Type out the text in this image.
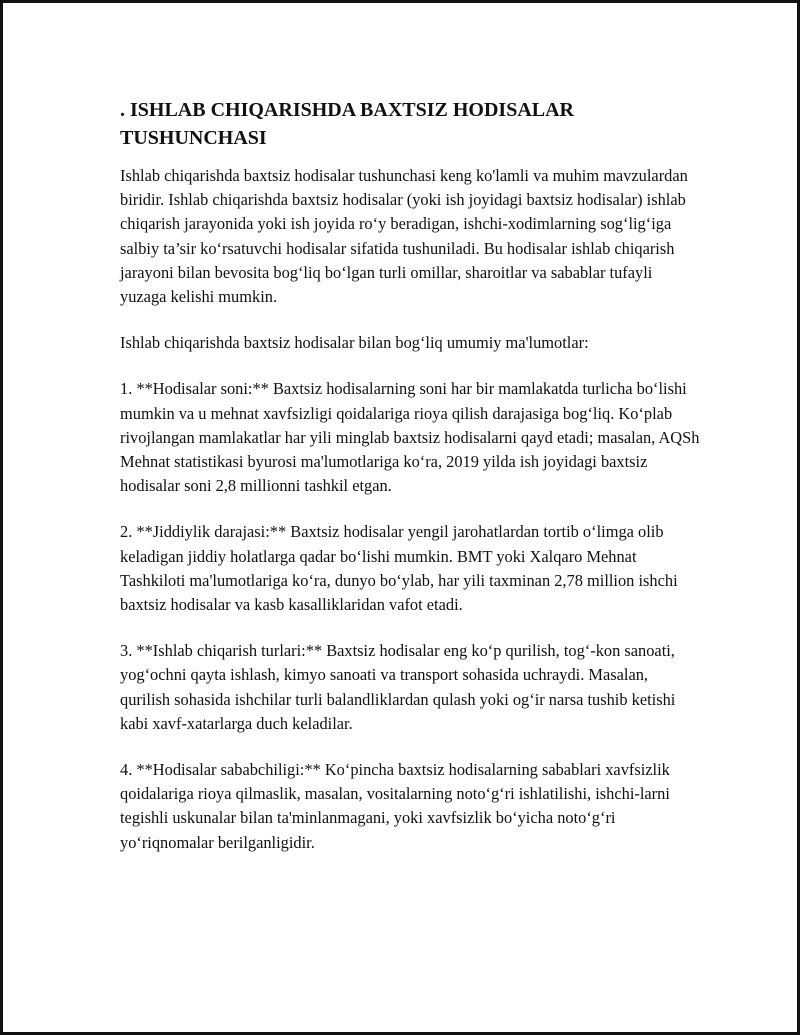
. ISHLAB CHIQARISHDA BAXTSIZ HODISALAR TUSHUNCHASI

Ishlab chiqarishda baxtsiz hodisalar tushunchasi keng ko'lamli va muhim mavzulardan biridir. Ishlab chiqarishda baxtsiz hodisalar (yoki ish joyidagi baxtsiz hodisalar) ishlab chiqarish jarayonida yoki ish joyida ro‘y beradigan, ishchi-xodimlarning sog‘lig‘iga salbiy ta’sir ko‘rsatuvchi hodisalar sifatida tushuniladi. Bu hodisalar ishlab chiqarish jarayoni bilan bevosita bog‘liq bo‘lgan turli omillar, sharoitlar va sabablar tufayli yuzaga kelishi mumkin.

Ishlab chiqarishda baxtsiz hodisalar bilan bog‘liq umumiy ma'lumotlar:

1. **Hodisalar soni:** Baxtsiz hodisalarning soni har bir mamlakatda turlicha bo‘lishi mumkin va u mehnat xavfsizligi qoidalariga rioya qilish darajasiga bog‘liq. Ko‘plab rivojlangan mamlakatlar har yili minglab baxtsiz hodisalarni qayd etadi; masalan, AQSh Mehnat statistikasi byurosi ma'lumotlariga ko‘ra, 2019 yilda ish joyidagi baxtsiz hodisalar soni 2,8 millionni tashkil etgan.

2. **Jiddiylik darajasi:** Baxtsiz hodisalar yengil jarohatlardan tortib o‘limga olib keladigan jiddiy holatlarga qadar bo‘lishi mumkin. BMT yoki Xalqaro Mehnat Tashkiloti ma'lumotlariga ko‘ra, dunyo bo‘ylab, har yili taxminan 2,78 million ishchi baxtsiz hodisalar va kasb kasalliklaridan vafot etadi.

3. **Ishlab chiqarish turlari:** Baxtsiz hodisalar eng ko‘p qurilish, tog‘-kon sanoati, yog‘ochni qayta ishlash, kimyo sanoati va transport sohasida uchraydi. Masalan, qurilish sohasida ishchilar turli balandliklardan qulash yoki og‘ir narsa tushib ketishi kabi xavf-xatarlarga duch keladilar.

4. **Hodisalar sababchiligi:** Ko‘pincha baxtsiz hodisalarning sabablari xavfsizlik qoidalariga rioya qilmaslik, masalan, vositalarning noto‘g‘ri ishlatilishi, ishchi-larni tegishli uskunalar bilan ta'minlanmagani, yoki xavfsizlik bo‘yicha noto‘g‘ri yo‘riqnomalar berilganligidir.
